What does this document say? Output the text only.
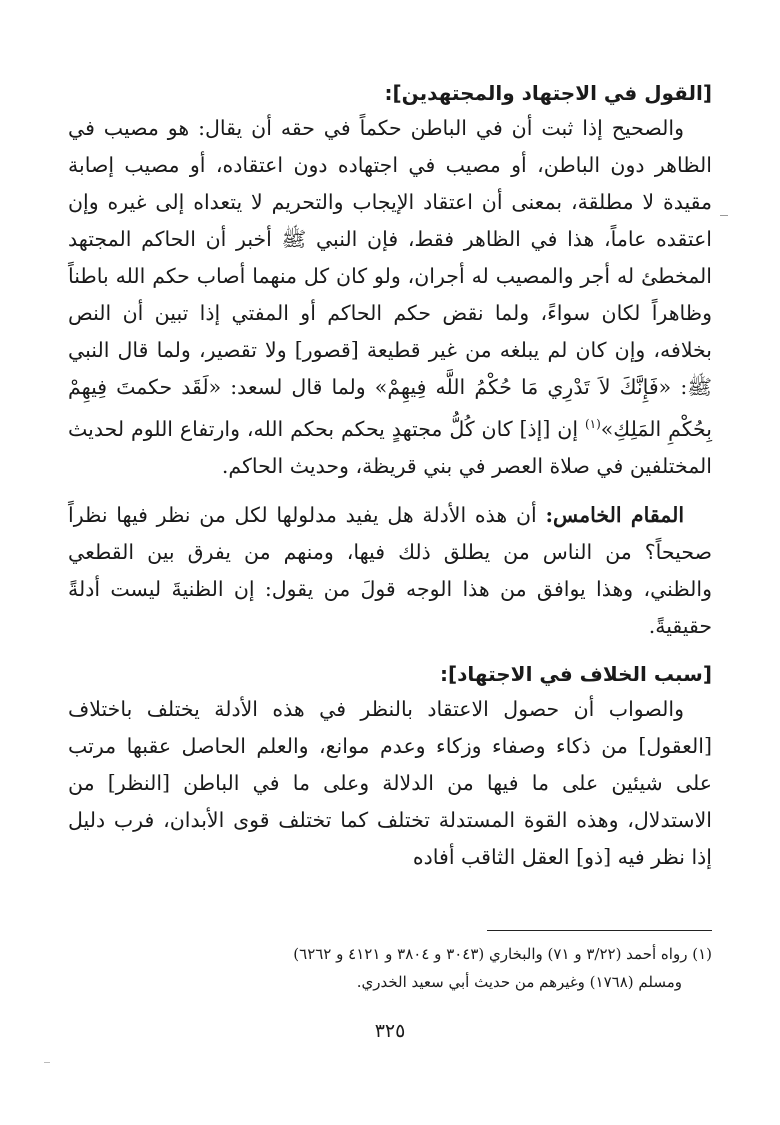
[القول في الاجتهاد والمجتهدين]:

والصحيح إذا ثبت أن في الباطن حكماً في حقه أن يقال: هو مصيب في الظاهر دون الباطن، أو مصيب في اجتهاده دون اعتقاده، أو مصيب إصابة مقيدة لا مطلقة، بمعنى أن اعتقاد الإيجاب والتحريم لا يتعداه إلى غيره وإن اعتقده عاماً، هذا في الظاهر فقط، فإن النبي ﷺ أخبر أن الحاكم المجتهد المخطئ له أجر والمصيب له أجران، ولو كان كل منهما أصاب حكم الله باطناً وظاهراً لكان سواءً، ولما نقض حكم الحاكم أو المفتي إذا تبين أن النص بخلافه، وإن كان لم يبلغه من غير قطيعة [قصور] ولا تقصير، ولما قال النبي ﷺ: «فَإِنَّكَ لاَ تَدْرِي مَا حُكْمُ اللَّه فِيهِمْ» ولما قال لسعد: «لَقَد حكمتَ فِيهِمْ بِحُكْمِ المَلِكِ»$^{(١)}$ إن [إذ] كان كُلُّ مجتهدٍ يحكم بحكم الله، وارتفاع اللوم لحديث المختلفين في صلاة العصر في بني قريظة، وحديث الحاكم.

المقام الخامس: أن هذه الأدلة هل يفيد مدلولها لكل من نظر فيها نظراً صحيحاً؟ من الناس من يطلق ذلك فيها، ومنهم من يفرق بين القطعي والظني، وهذا يوافق من هذا الوجه قولَ من يقول: إن الظنيةَ ليست أدلةً حقيقيةً.

[سبب الخلاف في الاجتهاد]:

والصواب أن حصول الاعتقاد بالنظر في هذه الأدلة يختلف باختلاف [العقول] من ذكاء وصفاء وزكاء وعدم موانع، والعلم الحاصل عقبها مرتب على شيئين على ما فيها من الدلالة وعلى ما في الباطن [النظر] من الاستدلال، وهذه القوة المستدلة تختلف كما تختلف قوى الأبدان، فرب دليل إذا نظر فيه [ذو] العقل الثاقب أفاده

(١) رواه أحمد (٣/٢٢ و ٧١) والبخاري (٣٠٤٣ و ٣٨٠٤ و ٤١٢١ و ٦٢٦٢)
ومسلم (١٧٦٨) وغيرهم من حديث أبي سعيد الخدري.
٣٢٥
